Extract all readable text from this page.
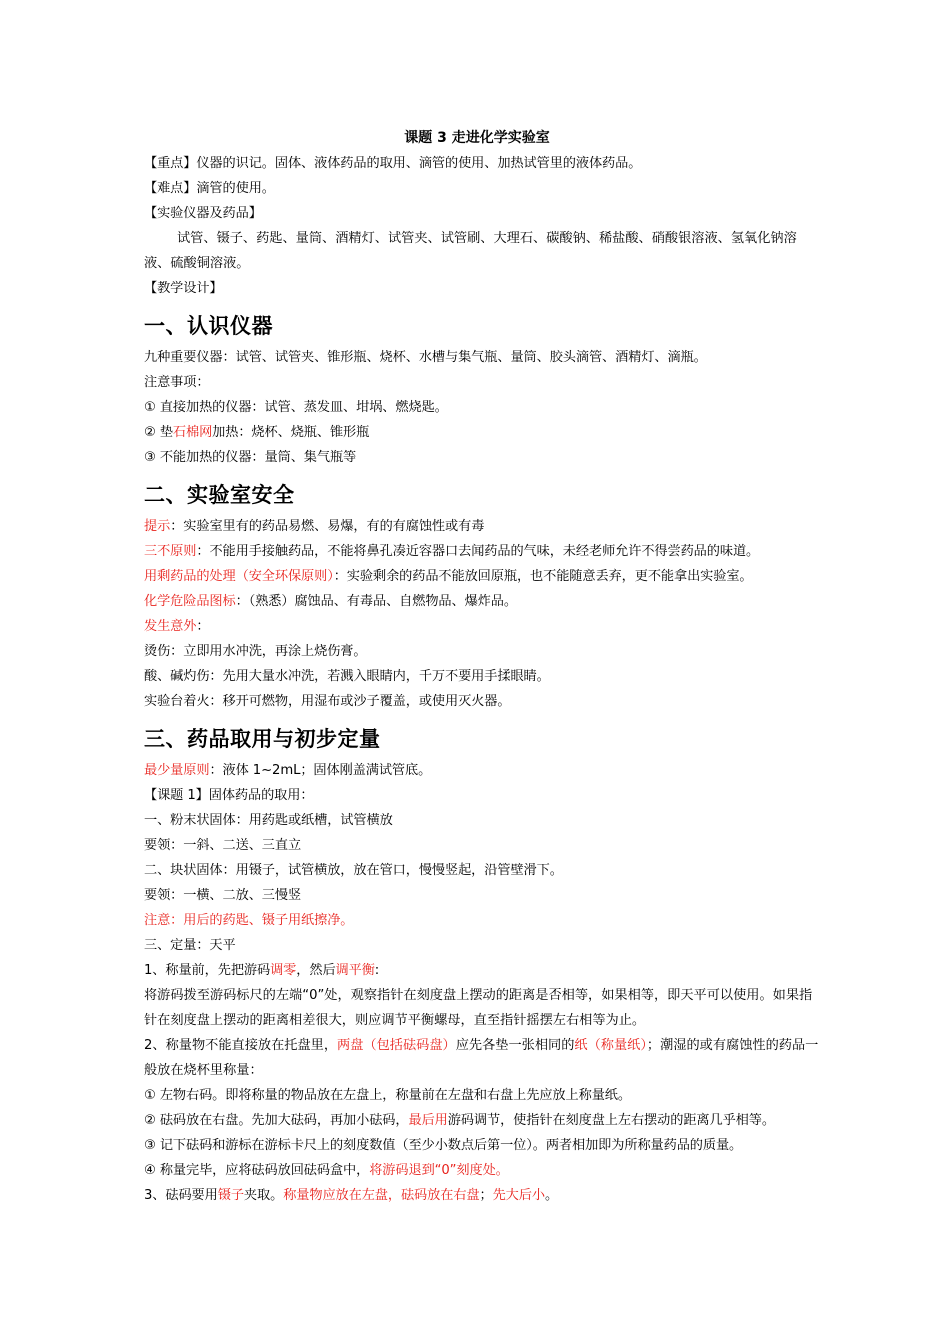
课题 3 走进化学实验室
【重点】仪器的识记。固体、液体药品的取用、滴管的使用、加热试管里的液体药品。
【难点】滴管的使用。
【实验仪器及药品】
试管、镊子、药匙、量筒、酒精灯、试管夹、试管刷、大理石、碳酸钠、稀盐酸、硝酸银溶液、氢氧化钠溶液、硫酸铜溶液。
【教学设计】
一、认识仪器
九种重要仪器：试管、试管夹、锥形瓶、烧杯、水槽与集气瓶、量筒、胶头滴管、酒精灯、滴瓶。
注意事项：
① 直接加热的仪器：试管、蒸发皿、坩埚、燃烧匙。
② 垫石棉网加热：烧杯、烧瓶、锥形瓶
③ 不能加热的仪器：量筒、集气瓶等
二、实验室安全
提示：实验室里有的药品易燃、易爆，有的有腐蚀性或有毒
三不原则：不能用手接触药品，不能将鼻孔凑近容器口去闻药品的气味，未经老师允许不得尝药品的味道。
用剩药品的处理（安全环保原则）：实验剩余的药品不能放回原瓶，也不能随意丢弃，更不能拿出实验室。
化学危险品图标：（熟悉）腐蚀品、有毒品、自燃物品、爆炸品。
发生意外：
烫伤：立即用水冲洗，再涂上烧伤膏。
酸、碱灼伤：先用大量水冲洗，若溅入眼睛内，千万不要用手揉眼睛。
实验台着火：移开可燃物，用湿布或沙子覆盖，或使用灭火器。
三、药品取用与初步定量
最少量原则：液体 1~2mL；固体刚盖满试管底。
【课题 1】固体药品的取用：
一、粉末状固体：用药匙或纸槽，试管横放
要领：一斜、二送、三直立
二、块状固体：用镊子，试管横放，放在管口，慢慢竖起，沿管壁滑下。
要领：一横、二放、三慢竖
注意：用后的药匙、镊子用纸擦净。
三、定量：天平
1、称量前，先把游码调零，然后调平衡:
将游码拨至游码标尺的左端“0”处，观察指针在刻度盘上摆动的距离是否相等，如果相等，即天平可以使用。如果指针在刻度盘上摆动的距离相差很大，则应调节平衡螺母，直至指针摇摆左右相等为止。
2、称量物不能直接放在托盘里，两盘（包括砝码盘）应先各垫一张相同的纸（称量纸）；潮湿的或有腐蚀性的药品一般放在烧杯里称量：
① 左物右码。即将称量的物品放在左盘上，称量前在左盘和右盘上先应放上称量纸。
② 砝码放在右盘。先加大砝码，再加小砝码，最后用游码调节，使指针在刻度盘上左右摆动的距离几乎相等。
③ 记下砝码和游标在游标卡尺上的刻度数值（至少小数点后第一位）。两者相加即为所称量药品的质量。
④ 称量完毕，应将砝码放回砝码盒中，将游码退到“0”刻度处。
3、砝码要用镊子夹取。称量物应放在左盘，砝码放在右盘；先大后小。
